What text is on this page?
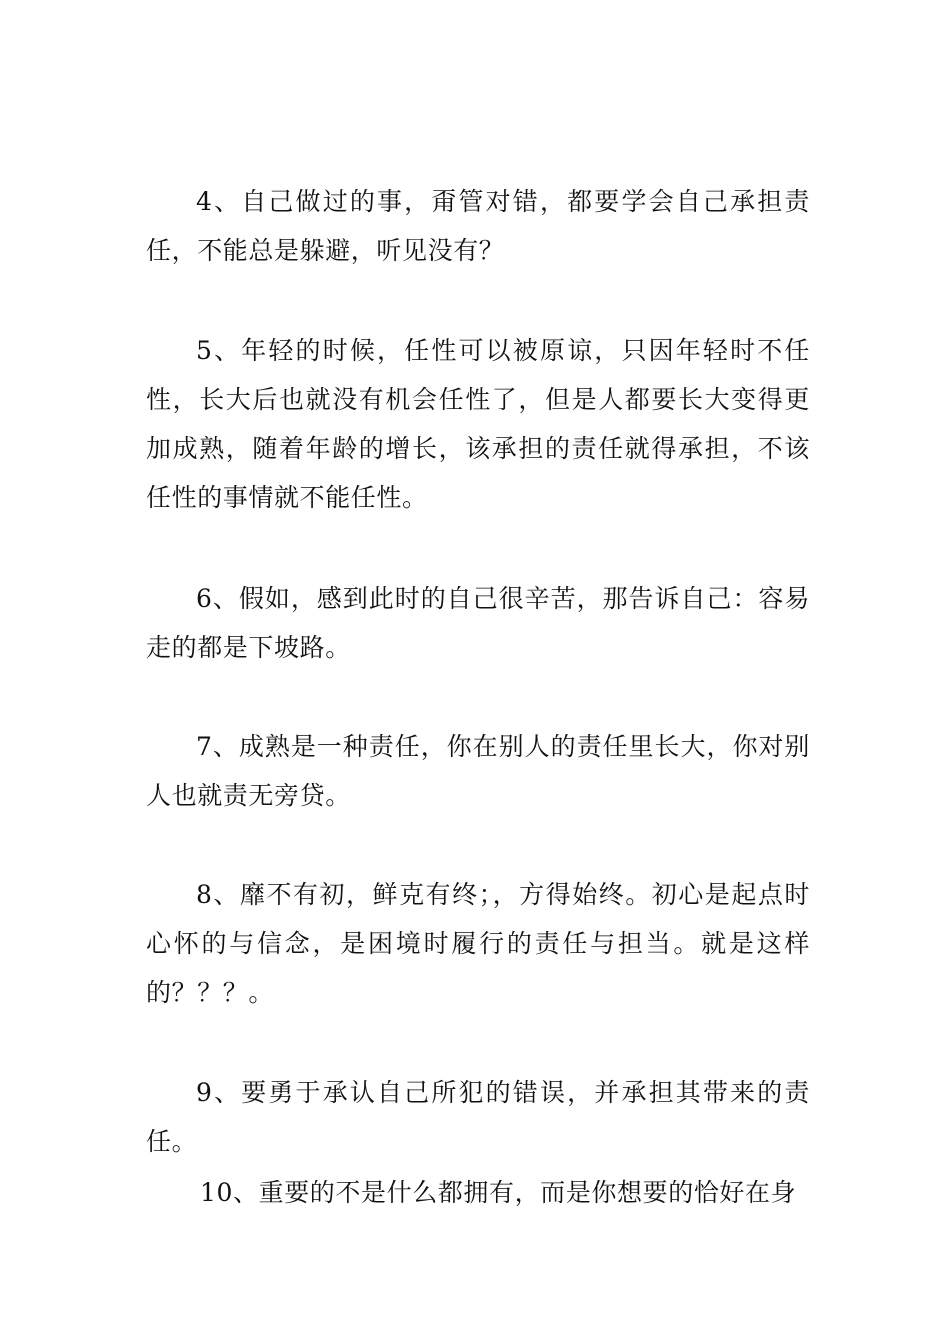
4、自己做过的事，甭管对错，都要学会自己承担责任，不能总是躲避，听见没有？

5、年轻的时候，任性可以被原谅，只因年轻时不任性，长大后也就没有机会任性了，但是人都要长大变得更加成熟，随着年龄的增长，该承担的责任就得承担，不该任性的事情就不能任性。

6、假如，感到此时的自己很辛苦，那告诉自己：容易走的都是下坡路。

7、成熟是一种责任，你在别人的责任里长大，你对别人也就责无旁贷。

8、靡不有初，鲜克有终；，方得始终。初心是起点时心怀的与信念，是困境时履行的责任与担当。就是这样的？？？。

9、要勇于承认自己所犯的错误，并承担其带来的责任。

10、重要的不是什么都拥有，而是你想要的恰好在身
